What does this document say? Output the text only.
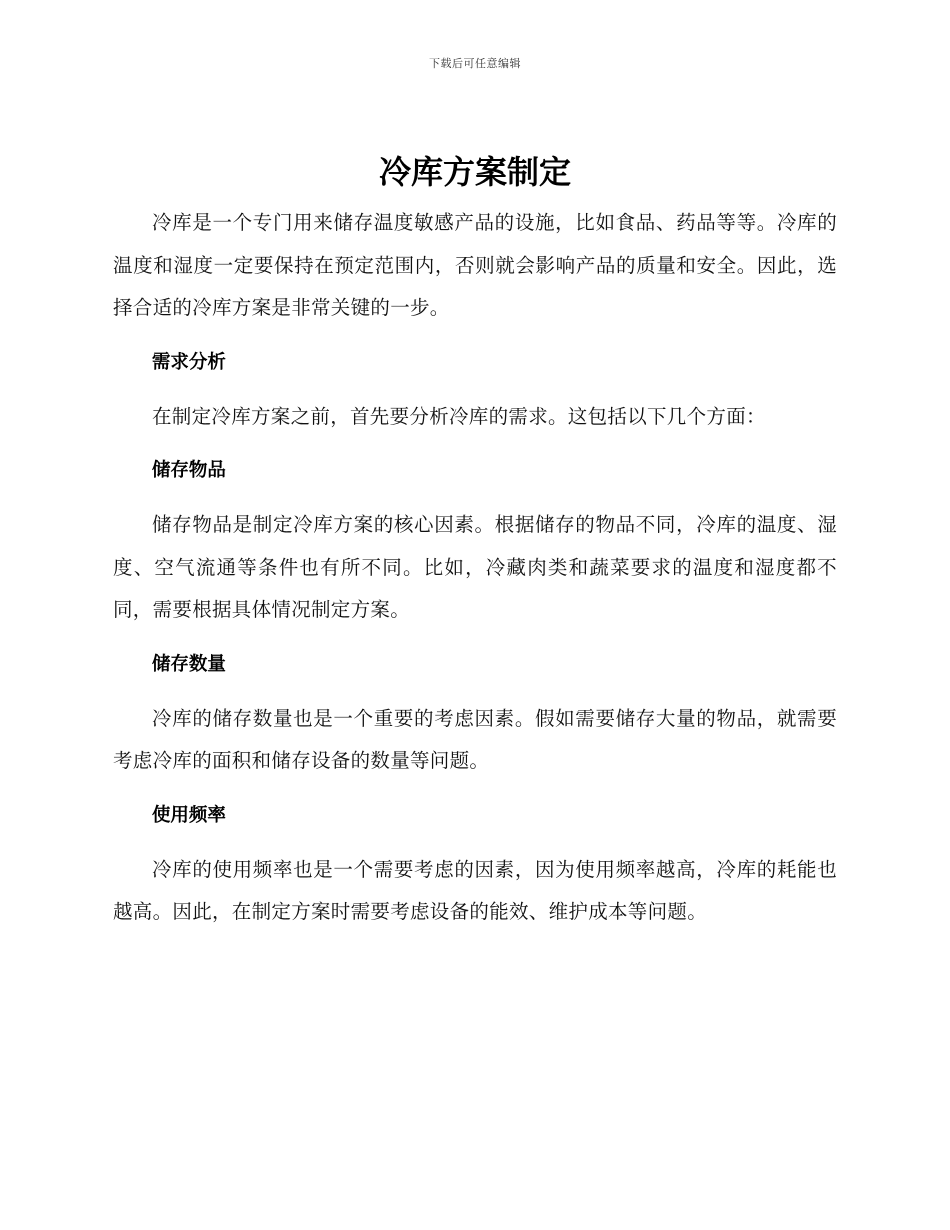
下载后可任意编辑
冷库方案制定

冷库是一个专门用来储存温度敏感产品的设施，比如食品、药品等等。冷库的温度和湿度一定要保持在预定范围内，否则就会影响产品的质量和安全。因此，选择合适的冷库方案是非常关键的一步。

需求分析

在制定冷库方案之前，首先要分析冷库的需求。这包括以下几个方面：

储存物品

储存物品是制定冷库方案的核心因素。根据储存的物品不同，冷库的温度、湿度、空气流通等条件也有所不同。比如，冷藏肉类和蔬菜要求的温度和湿度都不同，需要根据具体情况制定方案。

储存数量

冷库的储存数量也是一个重要的考虑因素。假如需要储存大量的物品，就需要考虑冷库的面积和储存设备的数量等问题。

使用频率

冷库的使用频率也是一个需要考虑的因素，因为使用频率越高，冷库的耗能也越高。因此，在制定方案时需要考虑设备的能效、维护成本等问题。
